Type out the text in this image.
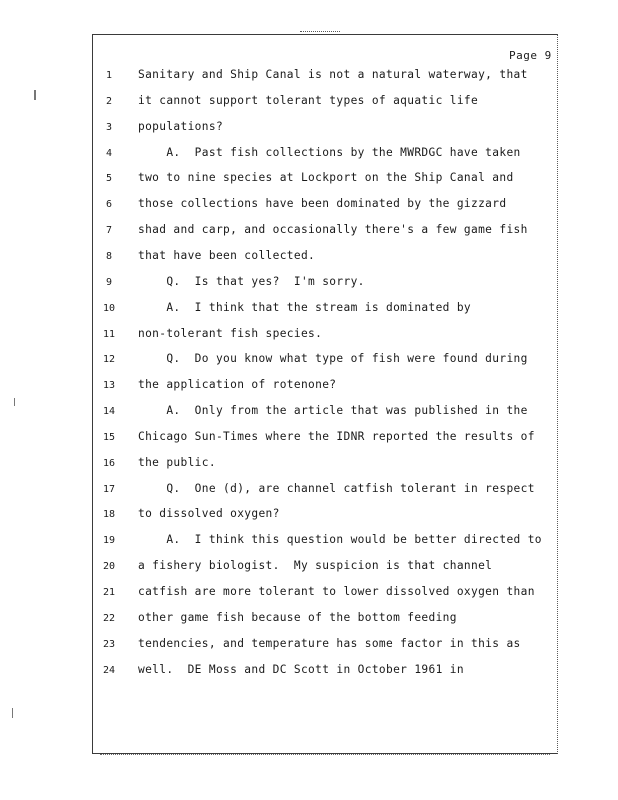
Page 9
1	Sanitary and Ship Canal is not a natural waterway, that
2	it cannot support tolerant types of aquatic life
3	populations?
4	A.  Past fish collections by the MWRDGC have taken
5	two to nine species at Lockport on the Ship Canal and
6	those collections have been dominated by the gizzard
7	shad and carp, and occasionally there's a few game fish
8	that have been collected.
9	Q.  Is that yes?  I'm sorry.
10	A.  I think that the stream is dominated by
11	non-tolerant fish species.
12	Q.  Do you know what type of fish were found during
13	the application of rotenone?
14	A.  Only from the article that was published in the
15	Chicago Sun-Times where the IDNR reported the results of
16	the public.
17	Q.  One (d), are channel catfish tolerant in respect
18	to dissolved oxygen?
19	A.  I think this question would be better directed to
20	a fishery biologist.  My suspicion is that channel
21	catfish are more tolerant to lower dissolved oxygen than
22	other game fish because of the bottom feeding
23	tendencies, and temperature has some factor in this as
24	well.  DE Moss and DC Scott in October 1961 in
